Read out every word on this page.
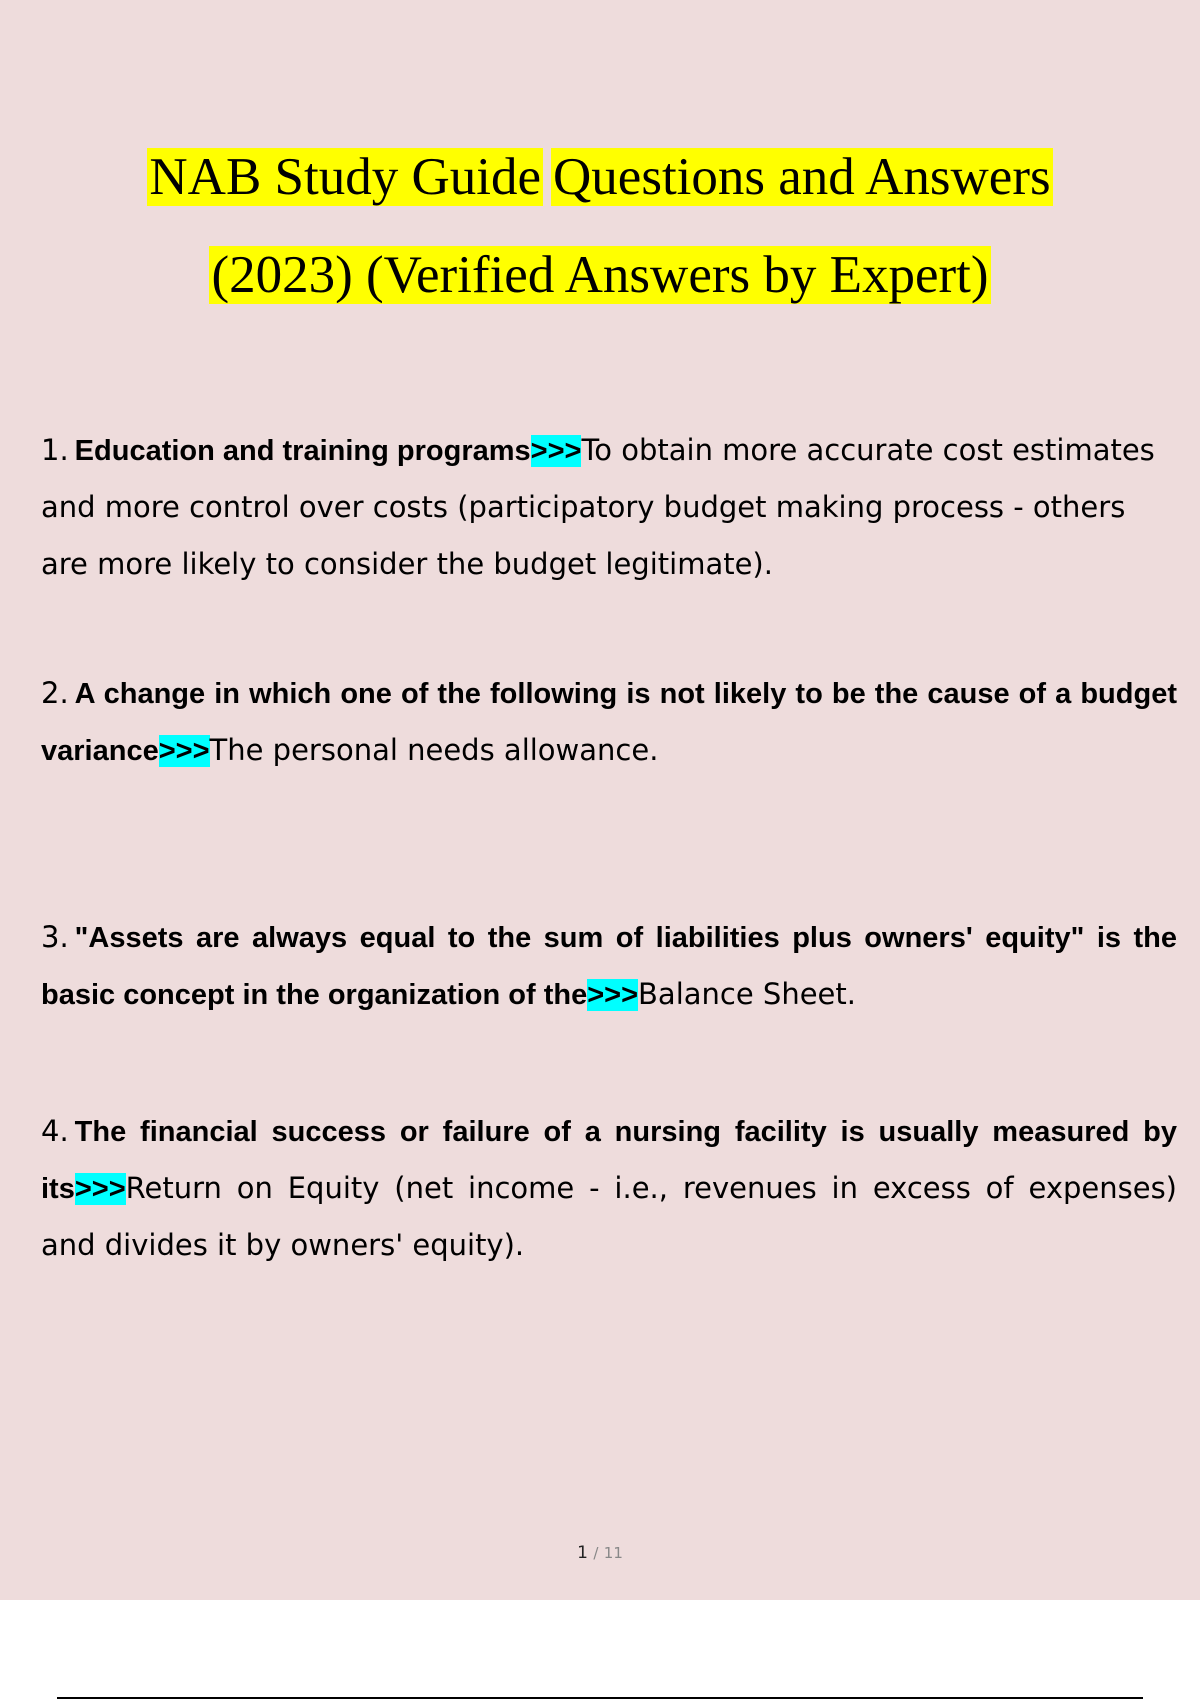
NAB Study Guide Questions and Answers
(2023) (Verified Answers by Expert)
1. Education and training programs>>>To obtain more accurate cost estimates and more control over costs (participatory budget making process - others are more likely to consider the budget legitimate).
2. A change in which one of the following is not likely to be the cause of a budget variance>>>The personal needs allowance.
3. "Assets are always equal to the sum of liabilities plus owners' equity" is the basic concept in the organization of the>>>Balance Sheet.
4. The financial success or failure of a nursing facility is usually measured by its>>>Return on Equity (net income - i.e., revenues in excess of expenses) and divides it by owners' equity).
1 / 11
